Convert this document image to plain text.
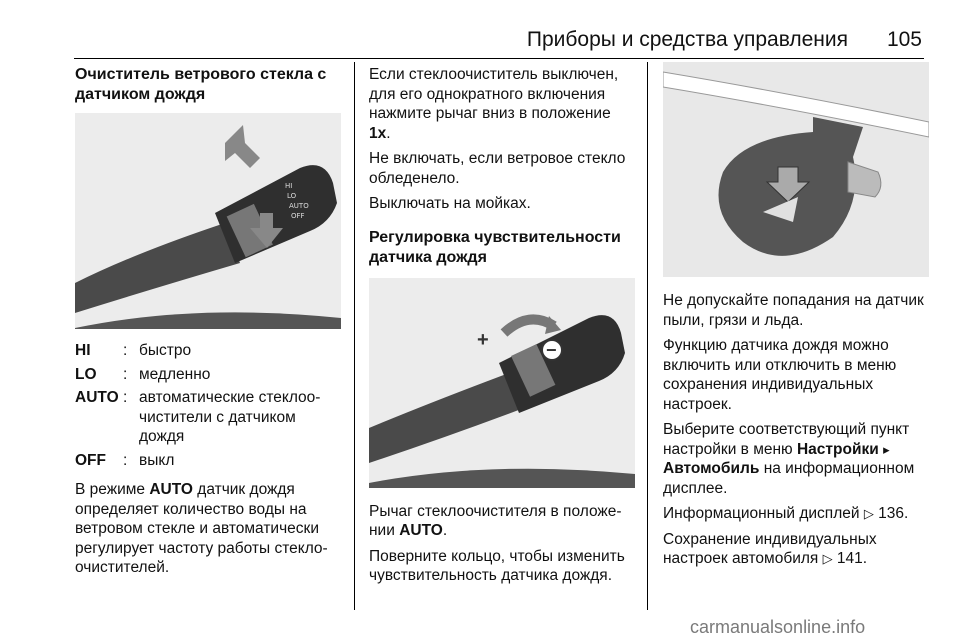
Приборы и средства управления 105
Очиститель ветрового стекла с датчиком дождя
HI
LO
AUTO
OFF
HI	: быстро
LO	: медленно
AUTO : автоматические стеклоо-чистители с датчиком дождя
OFF	: выкл

В режиме AUTO датчик дождя определяет количество воды на ветровом стекле и автоматически регулирует частоту работы стекло-очистителей.

Если стеклоочиститель выключен, для его однократного включения нажмите рычаг вниз в положение 1x.

Не включать, если ветровое стекло обледенело.

Выключать на мойках.

Регулировка чувствительности датчика дождя
+	−

Рычаг стеклоочистителя в положе-нии AUTO.

Поверните кольцо, чтобы изменить чувствительность датчика дождя.

Не допускайте попадания на датчик пыли, грязи и льда.

Функцию датчика дождя можно включить или отключить в меню сохранения индивидуальных настроек.

Выберите соответствующий пункт настройки в меню Настройки ▸ Автомобиль на информационном дисплее.

Информационный дисплей ▷ 136.

Сохранение индивидуальных настроек автомобиля ▷ 141.

carmanualsonline.info
